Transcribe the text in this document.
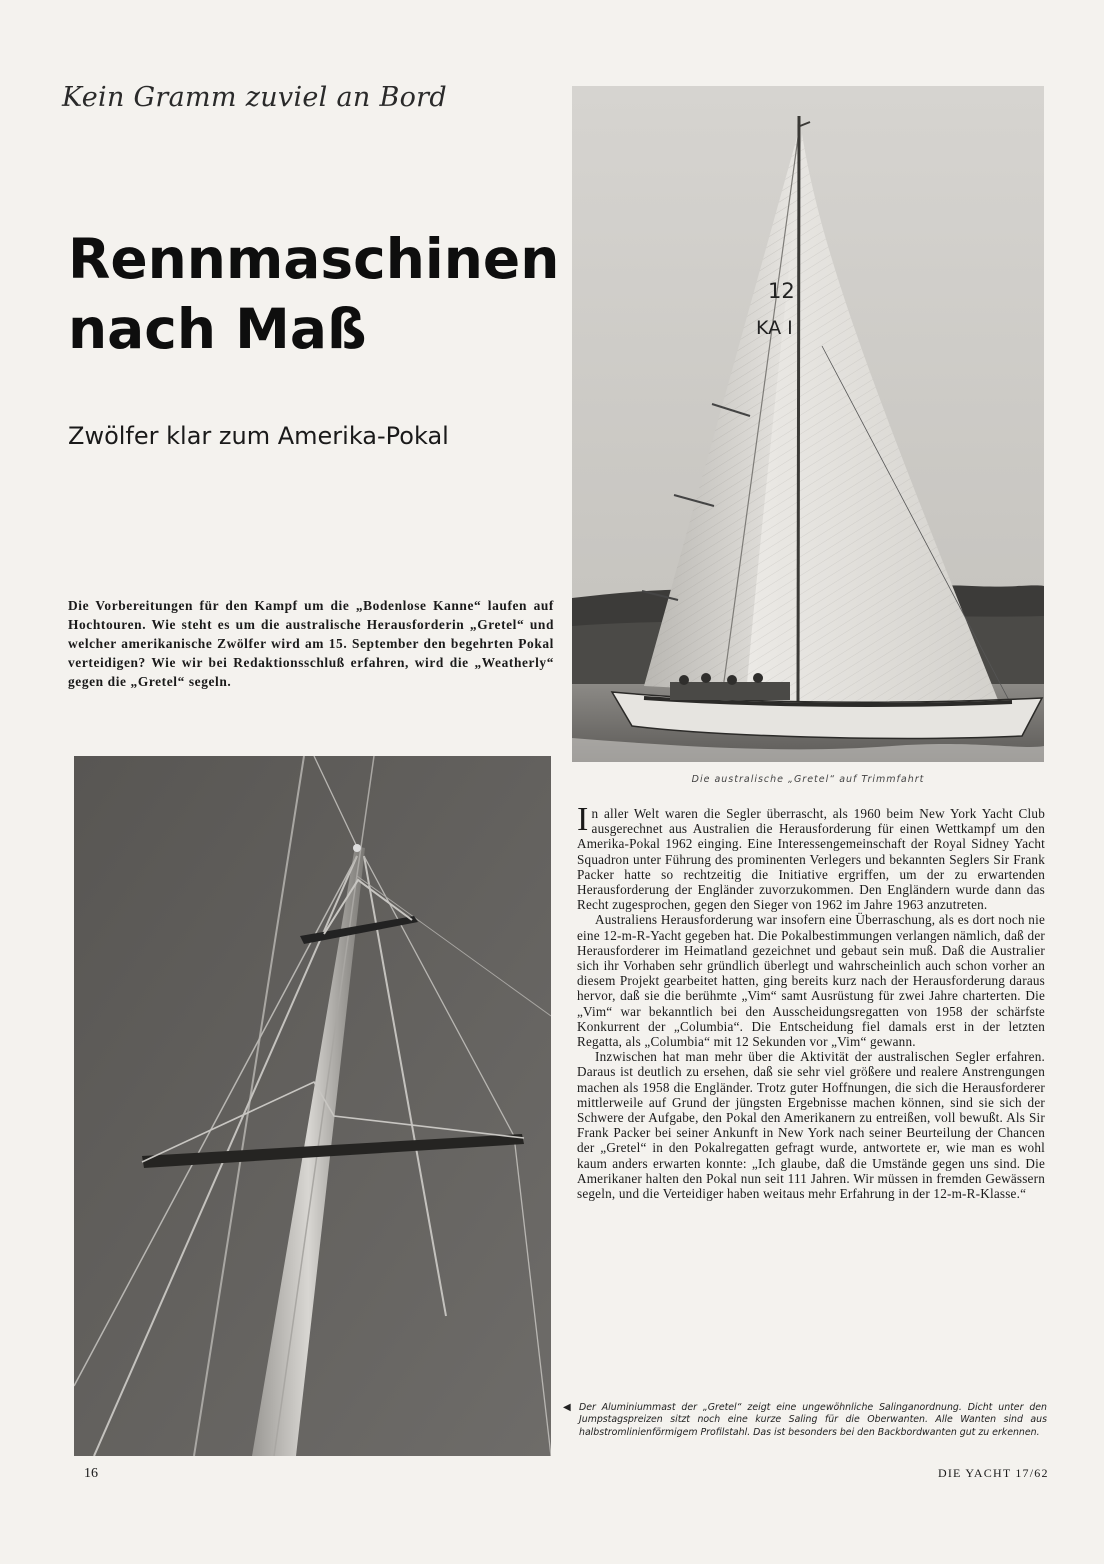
Kein Gramm zuviel an Bord
Rennmaschinen
nach Maß
Zwölfer klar zum Amerika-Pokal

Die Vorbereitungen für den Kampf um die „Bodenlose Kanne“ laufen auf Hochtouren. Wie steht es um die australische Herausforderin „Gretel“ und welcher amerikanische Zwölfer wird am 15. September den begehrten Pokal verteidigen? Wie wir bei Redaktionsschluß erfahren, wird die „Weatherly“ gegen die „Gretel“ segeln.

12
KA I
Die australische „Gretel“ auf Trimmfahrt

In aller Welt waren die Segler überrascht, als 1960 beim New York Yacht Club ausgerechnet aus Australien die Herausforderung für einen Wettkampf um den Amerika-Pokal 1962 einging. Eine Interessengemeinschaft der Royal Sidney Yacht Squadron unter Führung des prominenten Verlegers und bekannten Seglers Sir Frank Packer hatte so rechtzeitig die Initiative ergriffen, um der zu erwartenden Herausforderung der Engländer zuvorzukommen. Den Engländern wurde dann das Recht zugesprochen, gegen den Sieger von 1962 im Jahre 1963 anzutreten.

Australiens Herausforderung war insofern eine Überraschung, als es dort noch nie eine 12-m-R-Yacht gegeben hat. Die Pokalbestimmungen verlangen nämlich, daß der Herausforderer im Heimatland gezeichnet und gebaut sein muß. Daß die Australier sich ihr Vorhaben sehr gründlich überlegt und wahrscheinlich auch schon vorher an diesem Projekt gearbeitet hatten, ging bereits kurz nach der Herausforderung daraus hervor, daß sie die berühmte „Vim“ samt Ausrüstung für zwei Jahre charterten. Die „Vim“ war bekanntlich bei den Ausscheidungsregatten von 1958 der schärfste Konkurrent der „Columbia“. Die Entscheidung fiel damals erst in der letzten Regatta, als „Columbia“ mit 12 Sekunden vor „Vim“ gewann.

Inzwischen hat man mehr über die Aktivität der australischen Segler erfahren. Daraus ist deutlich zu ersehen, daß sie sehr viel größere und realere Anstrengungen machen als 1958 die Engländer. Trotz guter Hoffnungen, die sich die Herausforderer mittlerweile auf Grund der jüngsten Ergebnisse machen können, sind sie sich der Schwere der Aufgabe, den Pokal den Amerikanern zu entreißen, voll bewußt. Als Sir Frank Packer bei seiner Ankunft in New York nach seiner Beurteilung der Chancen der „Gretel“ in den Pokalregatten gefragt wurde, antwortete er, wie man es wohl kaum anders erwarten konnte: „Ich glaube, daß die Umstände gegen uns sind. Die Amerikaner halten den Pokal nun seit 111 Jahren. Wir müssen in fremden Gewässern segeln, und die Verteidiger haben weitaus mehr Erfahrung in der 12-m-R-Klasse.“

◀ Der Aluminiummast der „Gretel“ zeigt eine ungewöhnliche Salinganordnung. Dicht unter den Jumpstagspreizen sitzt noch eine kurze Saling für die Oberwanten. Alle Wanten sind aus halbstromlinienförmigem Profilstahl. Das ist besonders bei den Backbordwanten gut zu erkennen.
16	DIE YACHT 17/62
